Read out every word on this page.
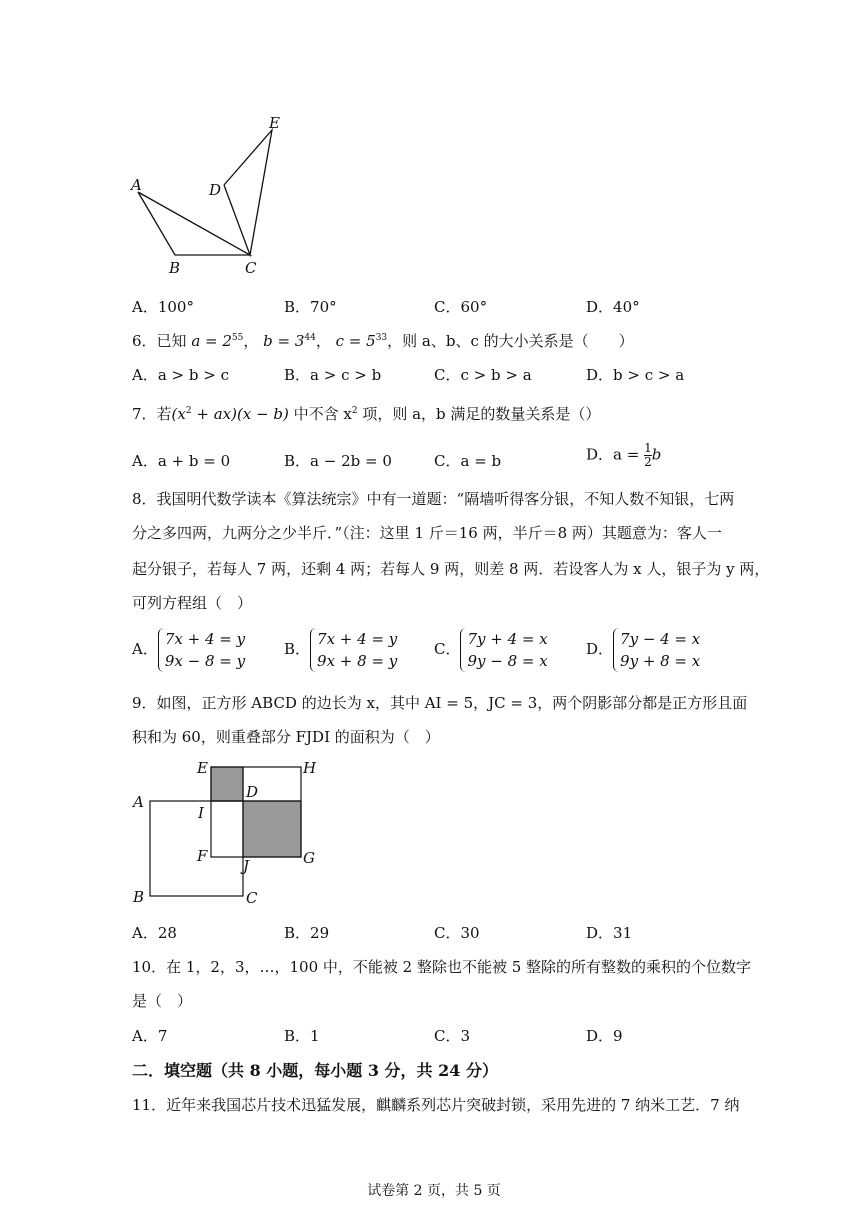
A
B	C
D
E
A．100°	B．70°	C．60°	D．40°
6．已知 $a = 2^{55}$， $b = 3^{44}$， $c = 5^{33}$，则 a、b、c 的大小关系是（　　）
A．a > b > c	B．a > c > b	C．c > b > a	D．b > c > a
7．若$(x^2 + ax)(x - b)$ 中不含 $x^2$ 项，则 a，b 满足的数量关系是（）
A．a + b = 0	B．a − 2b = 0	C．a = b	D．$a = \frac{1}{2}$ b
8．我国明代数学读本《算法统宗》中有一道题：“隔墙听得客分银，不知人数不知银，七两
分之多四两，九两分之少半斤．”（注：这里 1 斤＝16 两，半斤＝8 两）其题意为：客人一
起分银子，若每人 7 两，还剩 4 两；若每人 9 两，则差 8 两．若设客人为 x 人，银子为 y 两，
可列方程组（　）
A．7x + 4 = y
9x − 8 = y
B．7x + 4 = y
9x + 8 = y
C．7y + 4 = x
9y − 8 = x
D．7y − 4 = x
9y + 8 = x
9．如图，正方形 ABCD 的边长为 x，其中 AI = 5，JC = 3，两个阴影部分都是正方形且面
积和为 60，则重叠部分 FJDI 的面积为（　）
E	H
A
D
I
F
J	G
B	C
A．28	B．29	C．30	D．31
10．在 1，2，3，…，100 中，不能被 2 整除也不能被 5 整除的所有整数的乘积的个位数字
是（　）
A．7	B．1	C．3	D．9
二．填空题（共 8 小题，每小题 3 分，共 24 分）
11．近年来我国芯片技术迅猛发展，麒麟系列芯片突破封锁，采用先进的 7 纳米工艺．7 纳
试卷第 2 页，共 5 页
